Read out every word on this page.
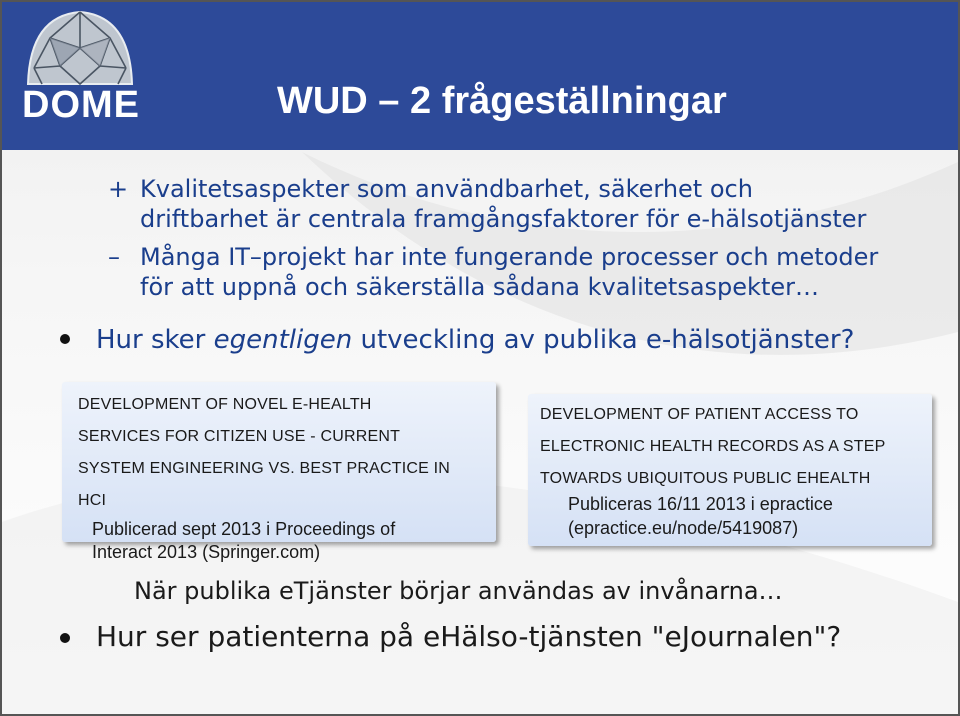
DOME	WUD – 2 frågeställningar
+ Kvalitetsaspekter som användbarhet, säkerhet och
driftbarhet är centrala framgångsfaktorer för e-hälsotjänster
– Många IT–projekt har inte fungerande processer och metoder
för att uppnå och säkerställa sådana kvalitetsaspekter…
Hur sker egentligen utveckling av publika e-hälsotjänster?
DEVELOPMENT OF NOVEL E-HEALTH
SERVICES FOR CITIZEN USE - CURRENT
SYSTEM ENGINEERING VS. BEST PRACTICE IN
HCI
Publicerad sept 2013 i Proceedings of
Interact 2013 (Springer.com)
DEVELOPMENT OF PATIENT ACCESS TO
ELECTRONIC HEALTH RECORDS AS A STEP
TOWARDS UBIQUITOUS PUBLIC EHEALTH
Publiceras 16/11 2013 i epractice
(epractice.eu/node/5419087)
När publika eTjänster börjar användas av invånarna…
Hur ser patienterna på eHälso-tjänsten "eJournalen"?
